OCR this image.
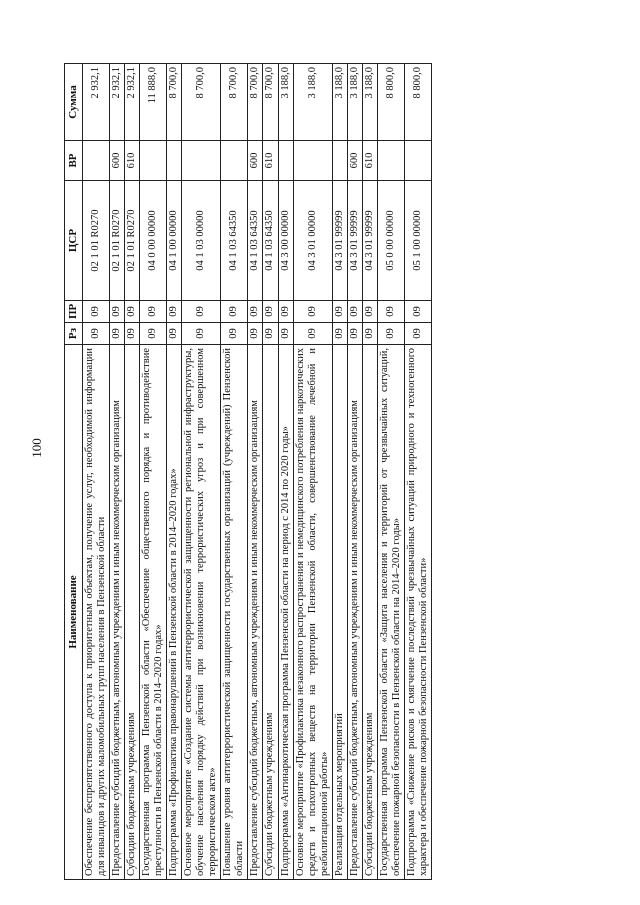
100
Наименование	Рз	ПР	ЦСР	ВР	Сумма
Обеспечение беспрепятственного доступа к приоритетным объектам, получение услуг, необходимой информации для инвалидов и других маломобильных групп населения в Пензенской области	09	09	02 1 01 R0270		2 932,1
Предоставление субсидий бюджетным, автономным учреждениям и иным некоммерческим организациям	09	09	02 1 01 R0270	600	2 932,1
Субсидии бюджетным учреждениям	09	09	02 1 01 R0270	610	2 932,1
Государственная программа Пензенской области «Обеспечение общественного порядка и противодействие преступности в Пензенской области в 2014–2020 годах»	09	09	04 0 00 00000		11 888,0
Подпрограмма «Профилактика правонарушений в Пензенской области в 2014–2020 годах»	09	09	04 1 00 00000		8 700,0
Основное мероприятие «Создание системы антитеррористической защищенности региональной инфраструктуры, обучение населения порядку действий при возникновении террористических угроз и при совершенном террористическом акте»	09	09	04 1 03 00000		8 700,0
Повышение уровня антитеррористической защищенности государственных организаций (учреждений) Пензенской области	09	09	04 1 03 64350		8 700,0
Предоставление субсидий бюджетным, автономным учреждениям и иным некоммерческим организациям	09	09	04 1 03 64350	600	8 700,0
Субсидии бюджетным учреждениям	09	09	04 1 03 64350	610	8 700,0
Подпрограмма «Антинаркотическая программа Пензенской области на период с 2014 по 2020 годы»	09	09	04 3 00 00000		3 188,0
Основное мероприятие «Профилактика незаконного распространения и немедицинского потребления наркотических средств и психотропных веществ на территории Пензенской области, совершенствование лечебной и реабилитационной работы»	09	09	04 3 01 00000		3 188,0
Реализация отдельных мероприятий	09	09	04 3 01 99999		3 188,0
Предоставление субсидий бюджетным, автономным учреждениям и иным некоммерческим организациям	09	09	04 3 01 99999	600	3 188,0
Субсидии бюджетным учреждениям	09	09	04 3 01 99999	610	3 188,0
Государственная программа Пензенской области «Защита населения и территорий от чрезвычайных ситуаций, обеспечение пожарной безопасности в Пензенской области на 2014–2020 годы»	09	09	05 0 00 00000		8 800,0
Подпрограмма «Снижение рисков и смягчение последствий чрезвычайных ситуаций природного и техногенного характера и обеспечение пожарной безопасности Пензенской области»	09	09	05 1 00 00000		8 800,0
